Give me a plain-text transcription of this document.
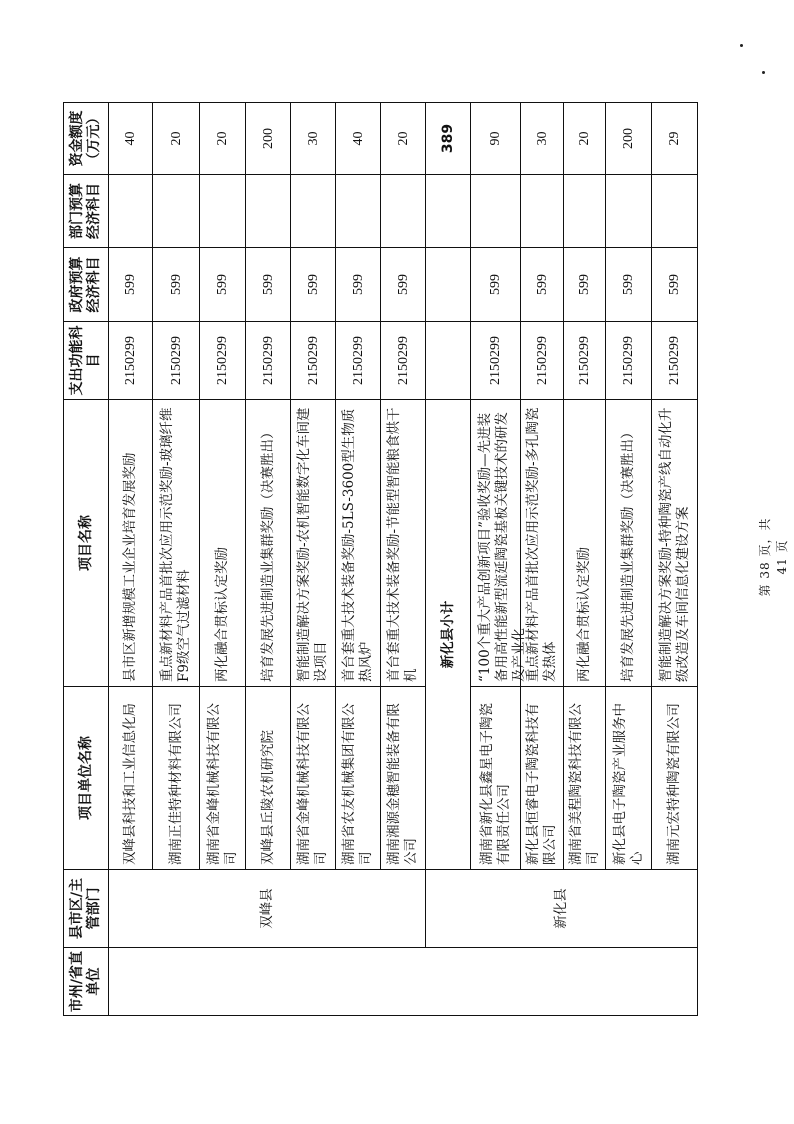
市州/省直单位	县市区/主管部门	项目单位名称	项目名称	支出功能科目	政府预算经济科目	部门预算经济科目	资金额度（万元）
	双峰县	双峰县科技和工业信息化局	县市区新增规模工业企业培育发展奖励	2150299	599		40
		湖南正佳特种材料有限公司	重点新材料产品首批次应用示范奖励-玻璃纤维F9级空气过滤材料	2150299	599		20
		湖南省金峰机械科技有限公司	两化融合贯标认定奖励	2150299	599		20
		双峰县丘陵农机研究院	培育发展先进制造业集群奖励（决赛胜出）	2150299	599		200
		湖南省金峰机械科技有限公司	智能制造解决方案奖励-农机智能数字化车间建设项目	2150299	599		30
		湖南省农友机械集团有限公司	首台套重大技术装备奖励-5LS-3600型生物质热风炉	2150299	599		40
		湖南湘源金穗智能装备有限公司	首台套重大技术装备奖励-节能型智能粮食烘干机	2150299	599		20
	新化县	新化县小计					389
		湖南省新化县鑫星电子陶瓷有限责任公司	“100个重大产品创新项目”验收奖励—先进装备用高性能新型流延陶瓷基板关键技术的研发及产业化	2150299	599		90
		新化县恒睿电子陶瓷科技有限公司	重点新材料产品首批次应用示范奖励-多孔陶瓷发热体	2150299	599		30
		湖南省美程陶瓷科技有限公司	两化融合贯标认定奖励	2150299	599		20
		新化县电子陶瓷产业服务中心	培育发展先进制造业集群奖励（决赛胜出）	2150299	599		200
		湖南元宏特种陶瓷有限公司	智能制造解决方案奖励-特种陶瓷产线自动化升级改造及车间信息化建设方案	2150299	599		29
第 38 页，共 41 页
